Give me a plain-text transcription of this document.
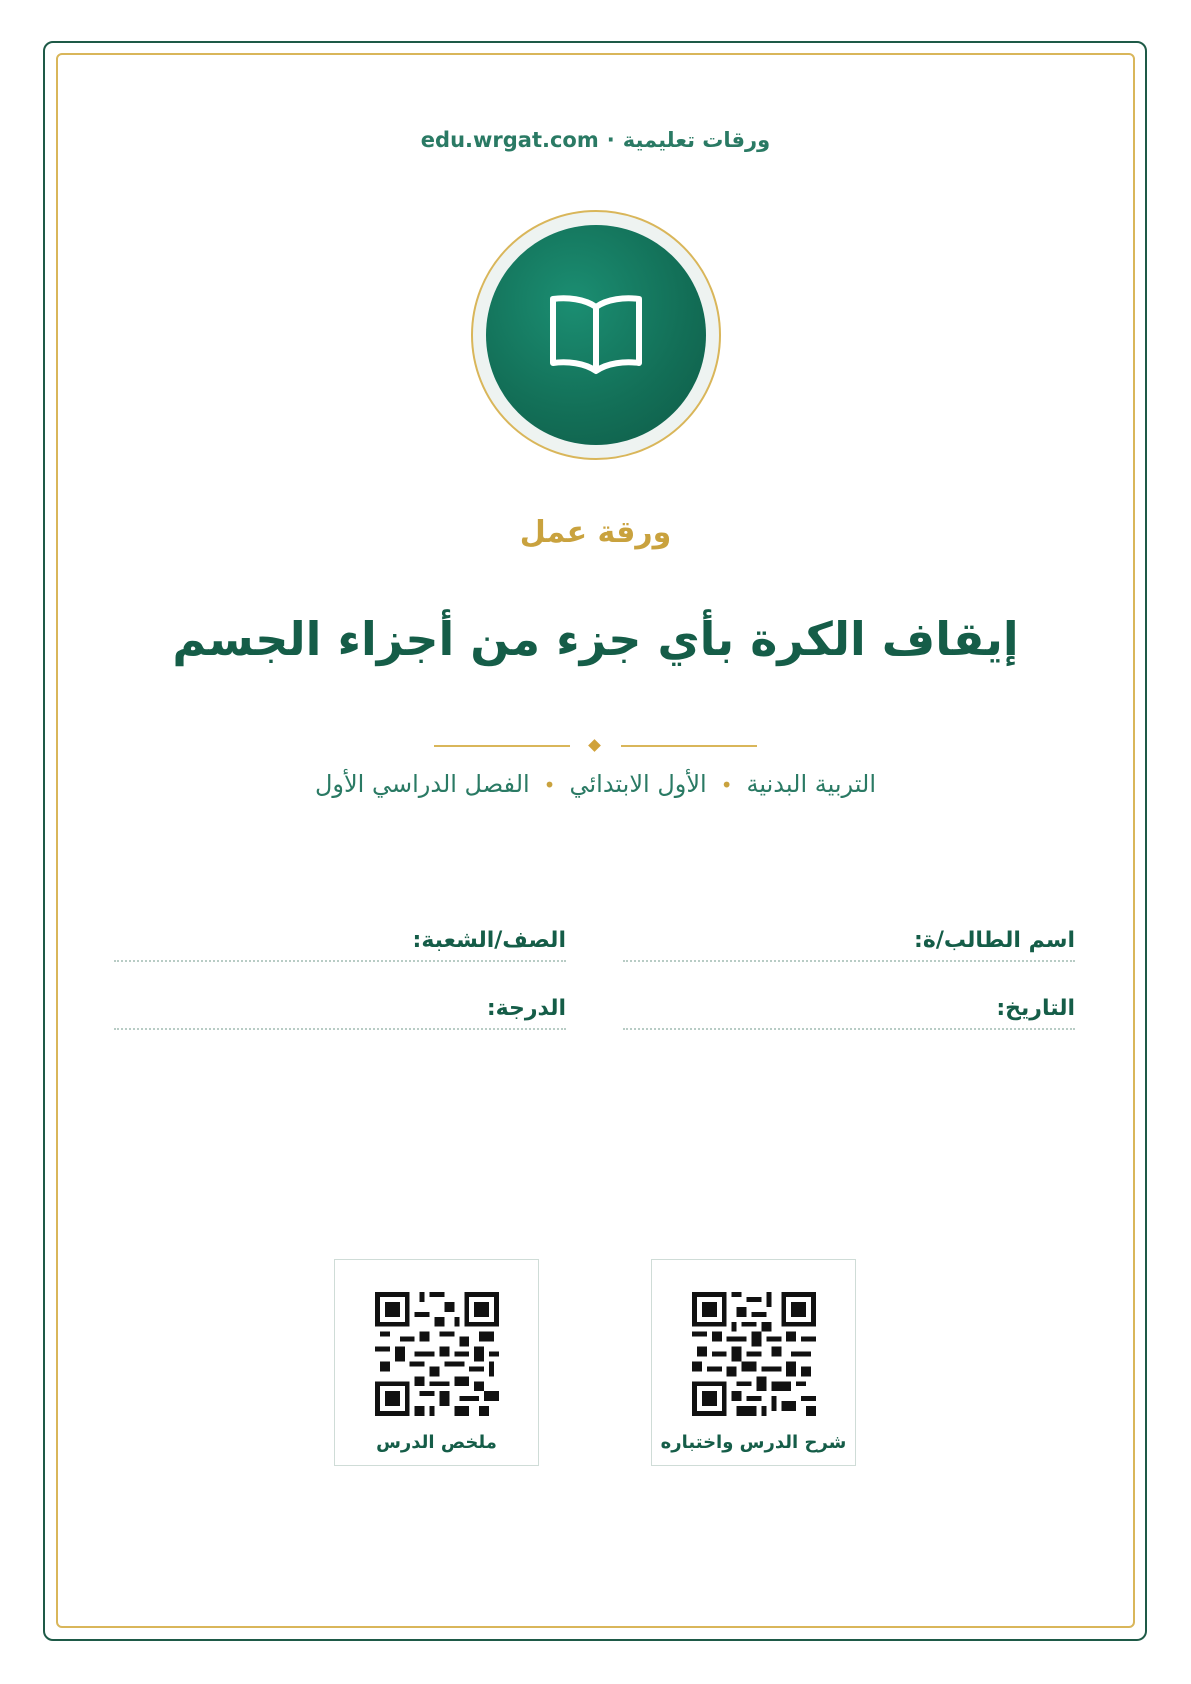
ورقات تعليمية·edu.wrgat.com
ورقة عمل
إيقاف الكرة بأي جزء من أجزاء الجسم
التربية البدنية•الأول الابتدائي•الفصل الدراسي الأول
اسم الطالب/ة:
الصف/الشعبة:
التاريخ:
الدرجة:
شرح الدرس واختباره
ملخص الدرس
